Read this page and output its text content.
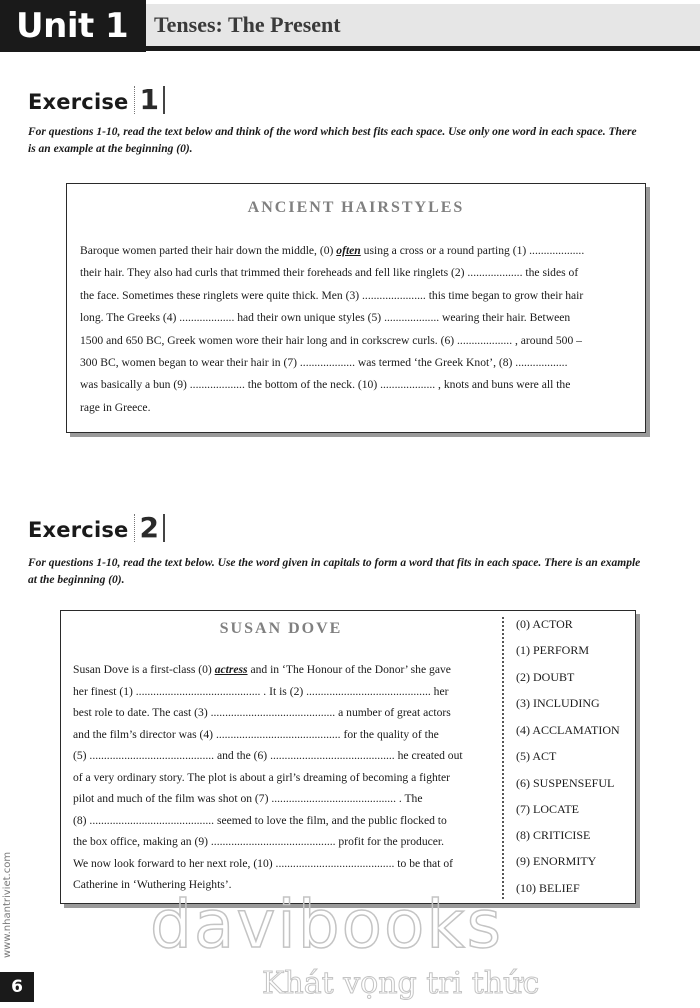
Unit 1	Tenses: The Present
Exercise 1
For questions 1-10, read the text below and think of the word which best fits each space. Use only one word in each space. There
is an example at the beginning (0).
ANCIENT HAIRSTYLES
Baroque women parted their hair down the middle, (0) often using a cross or a round parting (1) ...................
their hair. They also had curls that trimmed their foreheads and fell like ringlets (2) ................... the sides of
the face. Sometimes these ringlets were quite thick. Men (3) ...................... this time began to grow their hair
long. The Greeks (4) ................... had their own unique styles (5) ................... wearing their hair. Between
1500 and 650 BC, Greek women wore their hair long and in corkscrew curls. (6) ................... , around 500 –
300 BC, women began to wear their hair in (7) ................... was termed ‘the Greek Knot’, (8) ..................
was basically a bun (9) ................... the bottom of the neck. (10) ................... , knots and buns were all the
rage in Greece.
Exercise 2
For questions 1-10, read the text below. Use the word given in capitals to form a word that fits in each space. There is an example
at the beginning (0).
SUSAN DOVE
Susan Dove is a first-class (0) actress and in ‘The Honour of the Donor’ she gave
her finest (1) ........................................... . It is (2) ........................................... her
best role to date. The cast (3) ........................................... a number of great actors
and the film’s director was (4) ........................................... for the quality of the
(5) ........................................... and the (6) ........................................... he created out
of a very ordinary story. The plot is about a girl’s dreaming of becoming a fighter
pilot and much of the film was shot on (7) ........................................... . The
(8) ........................................... seemed to love the film, and the public flocked to
the box office, making an (9) ........................................... profit for the producer.
We now look forward to her next role, (10) ......................................... to be that of
Catherine in ‘Wuthering Heights’.
(0) ACTOR
(1) PERFORM
(2) DOUBT
(3) INCLUDING
(4) ACCLAMATION
(5) ACT
(6) SUSPENSEFUL
(7) LOCATE
(8) CRITICISE
(9) ENORMITY
(10) BELIEF
www.nhantriviet.com davibooks
Khát vọng tri thức
6
